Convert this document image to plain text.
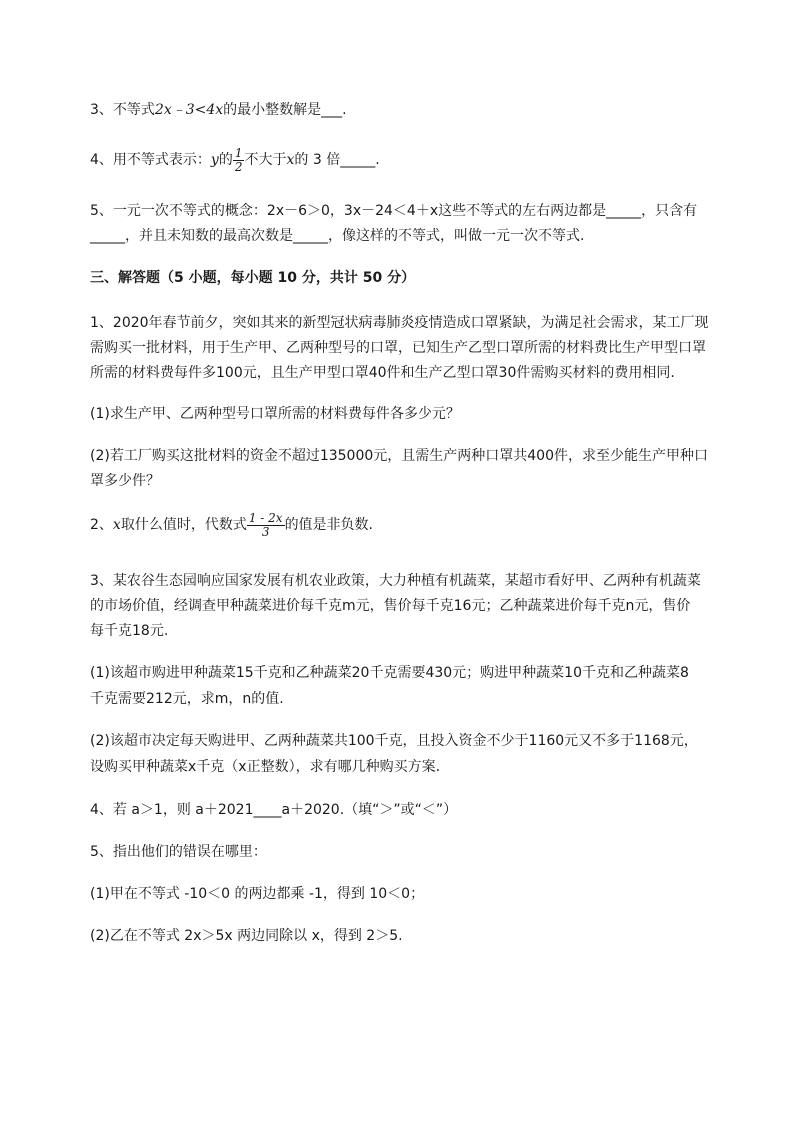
3、不等式2x﹣3<4x的最小整数解是___.
4、用不等式表示：y的 $\frac{1}{2}$ 不大于x的 3 倍_____.
5、一元一次不等式的概念：2x－6＞0，3x－24＜4＋x这些不等式的左右两边都是_____，只含有
_____，并且未知数的最高次数是_____，像这样的不等式，叫做一元一次不等式.
三、解答题（5 小题，每小题 10 分，共计 50 分）
1、2020年春节前夕，突如其来的新型冠状病毒肺炎疫情造成口罩紧缺，为满足社会需求，某工厂现
需购买一批材料，用于生产甲、乙两种型号的口罩，已知生产乙型口罩所需的材料费比生产甲型口罩
所需的材料费每件多100元，且生产甲型口罩40件和生产乙型口罩30件需购买材料的费用相同.
(1)求生产甲、乙两种型号口罩所需的材料费每件各多少元？
(2)若工厂购买这批材料的资金不超过135000元，且需生产两种口罩共400件，求至少能生产甲种口
罩多少件？
2、x取什么值时，代数式 $\frac{1 - 2x}{3}$ 的值是非负数.
3、某农谷生态园响应国家发展有机农业政策，大力种植有机蔬菜，某超市看好甲、乙两种有机蔬菜
的市场价值，经调查甲种蔬菜进价每千克m元，售价每千克16元；乙种蔬菜进价每千克n元，售价
每千克18元.
(1)该超市购进甲种蔬菜15千克和乙种蔬菜20千克需要430元；购进甲种蔬菜10千克和乙种蔬菜8
千克需要212元，求m，n的值.
(2)该超市决定每天购进甲、乙两种蔬菜共100千克，且投入资金不少于1160元又不多于1168元，
设购买甲种蔬菜x千克（x正整数），求有哪几种购买方案.
4、若 a＞1，则 a＋2021____a＋2020.（填“＞”或“＜”）
5、指出他们的错误在哪里：
(1)甲在不等式 -10＜0 的两边都乘 -1，得到 10＜0；
(2)乙在不等式 2x＞5x 两边同除以 x，得到 2＞5.
